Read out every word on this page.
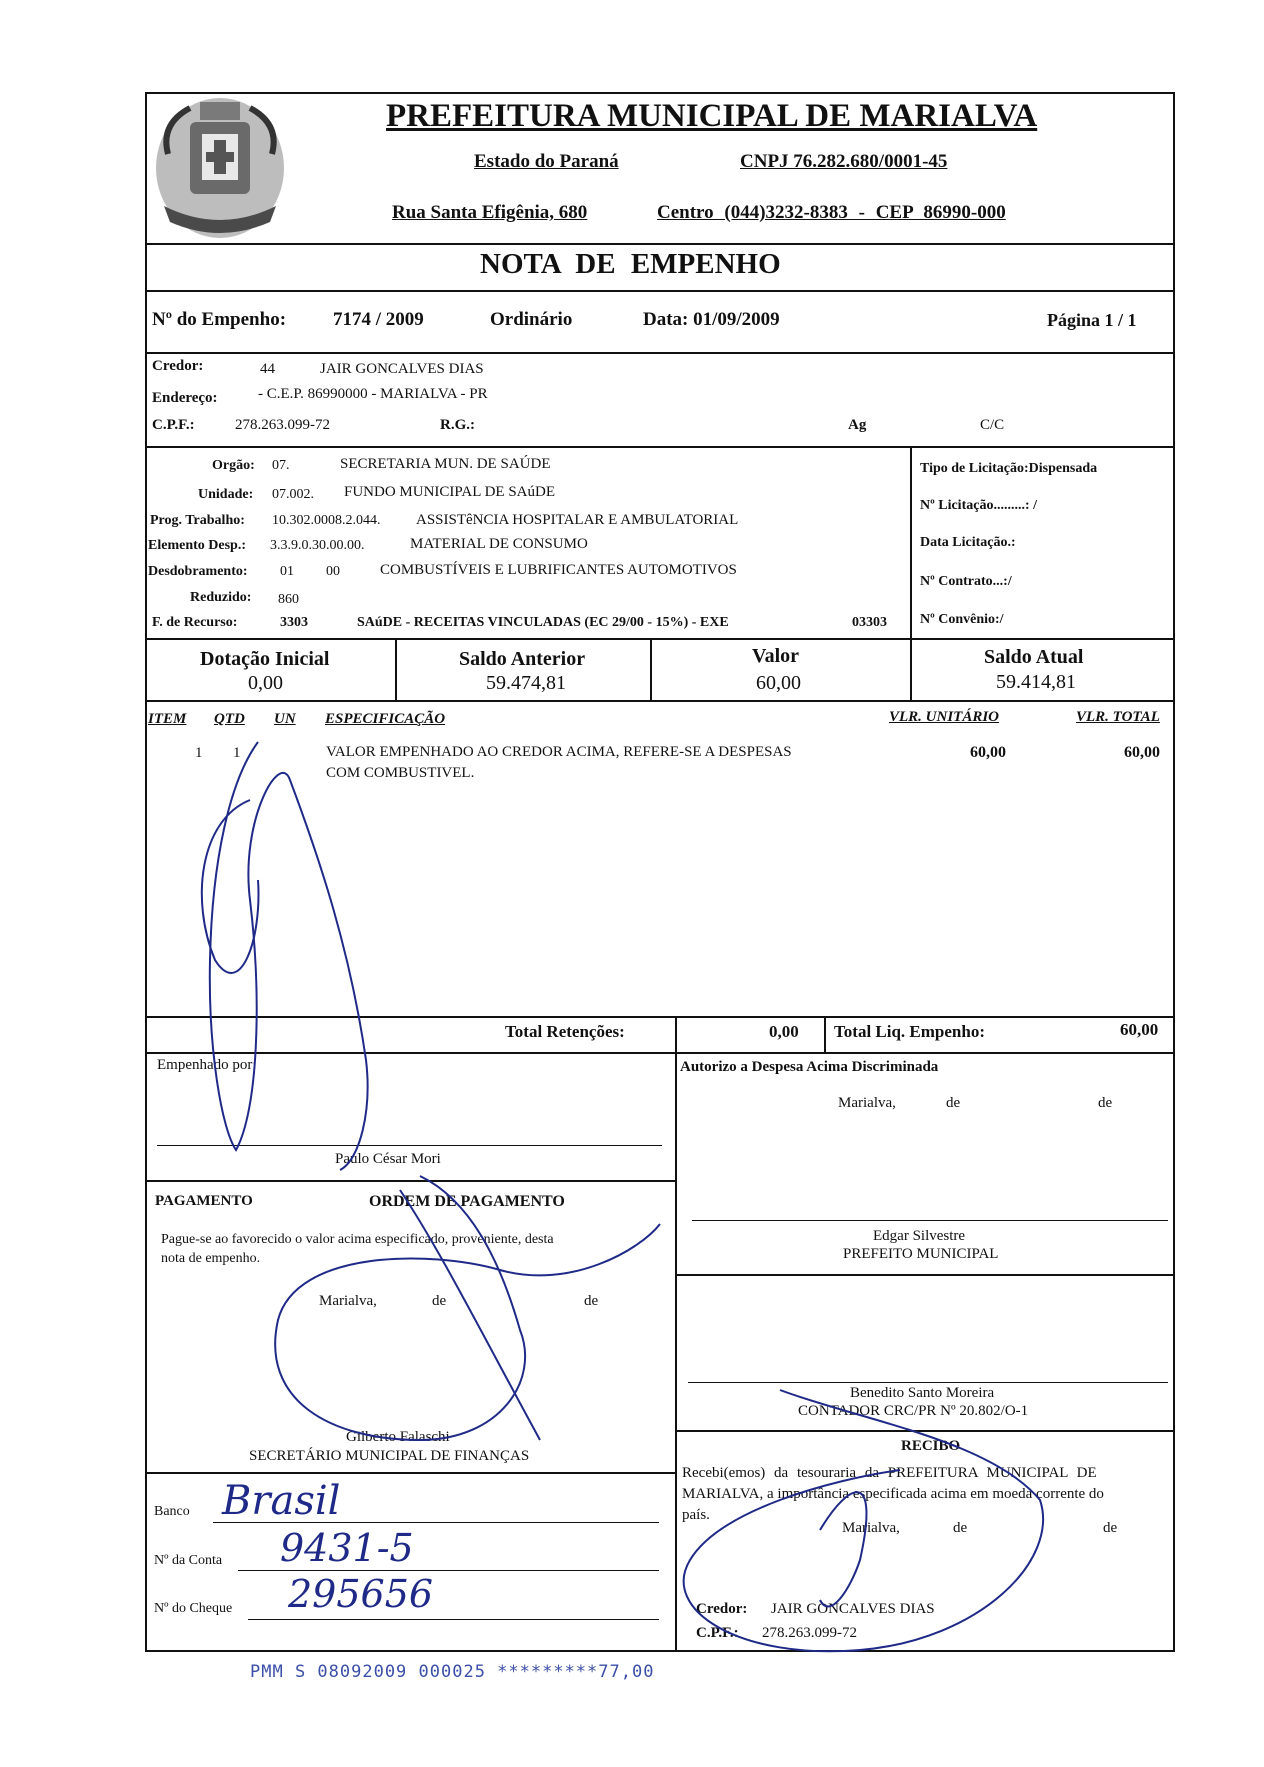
PREFEITURA MUNICIPAL DE MARIALVA
Estado do Paraná	CNPJ 76.282.680/0001-45
Rua Santa Efigênia, 680	Centro (044)3232-8383 - CEP 86990-000
NOTA DE EMPENHO
Nº do Empenho: 7174 / 2009	Ordinário	Data: 01/09/2009	Página 1 / 1
Credor:	44	JAIR GONCALVES DIAS
Endereço:	- C.E.P. 86990000 - MARIALVA - PR
C.P.F.:	278.263.099-72	R.G.:	Ag	C/C
Orgão: 07.	SECRETARIA MUN. DE SAÚDE
Unidade: 07.002. FUNDO MUNICIPAL DE SAúDE
Prog. Trabalho: 10.302.0008.2.044. ASSISTêNCIA HOSPITALAR E AMBULATORIAL
Elemento Desp.: 3.3.9.0.30.00.00.	MATERIAL DE CONSUMO
Desdobramento: 01 00	COMBUSTÍVEIS E LUBRIFICANTES AUTOMOTIVOS
Reduzido: 860
F. de Recurso:	3303	SAúDE - RECEITAS VINCULADAS (EC 29/00 - 15%) - EXE	03303
Tipo de Licitação:Dispensada
Nº Licitação.........: /
Data Licitação.:
Nº Contrato...:/
Nº Convênio:/
Dotação Inicial
0,00
Saldo Anterior
59.474,81
Valor
60,00
Saldo Atual
59.414,81
ITEM QTD UN ESPECIFICAÇÃO	VLR. UNITÁRIO	VLR. TOTAL
1 1	VALOR EMPENHADO AO CREDOR ACIMA, REFERE-SE A DESPESAS
COM COMBUSTIVEL.
60,00	60,00
Total Retenções:	0,00 Total Liq. Empenho:	60,00
Empenhado por:
Paulo César Mori
PAGAMENTO	ORDEM DE PAGAMENTO
Pague-se ao favorecido o valor acima especificado, proveniente, desta
nota de empenho.
Marialva,	de	de
Gilberto Falaschi
SECRETÁRIO MUNICIPAL DE FINANÇAS
Banco Brasil
Nº da Conta 9431-5
Nº do Cheque 295656
Autorizo a Despesa Acima Discriminada
Marialva,	de	de
Edgar Silvestre
PREFEITO MUNICIPAL
Benedito Santo Moreira
CONTADOR CRC/PR Nº 20.802/O-1
RECIBO
Recebi(emos) da tesouraria da PREFEITURA MUNICIPAL DE
MARIALVA, a importância especificada acima em moeda corrente do
país.
Marialva,	de	de
Credor: JAIR GONCALVES DIAS
C.P.F.: 278.263.099-72
PMM S 08092009 000025 *********77,00
